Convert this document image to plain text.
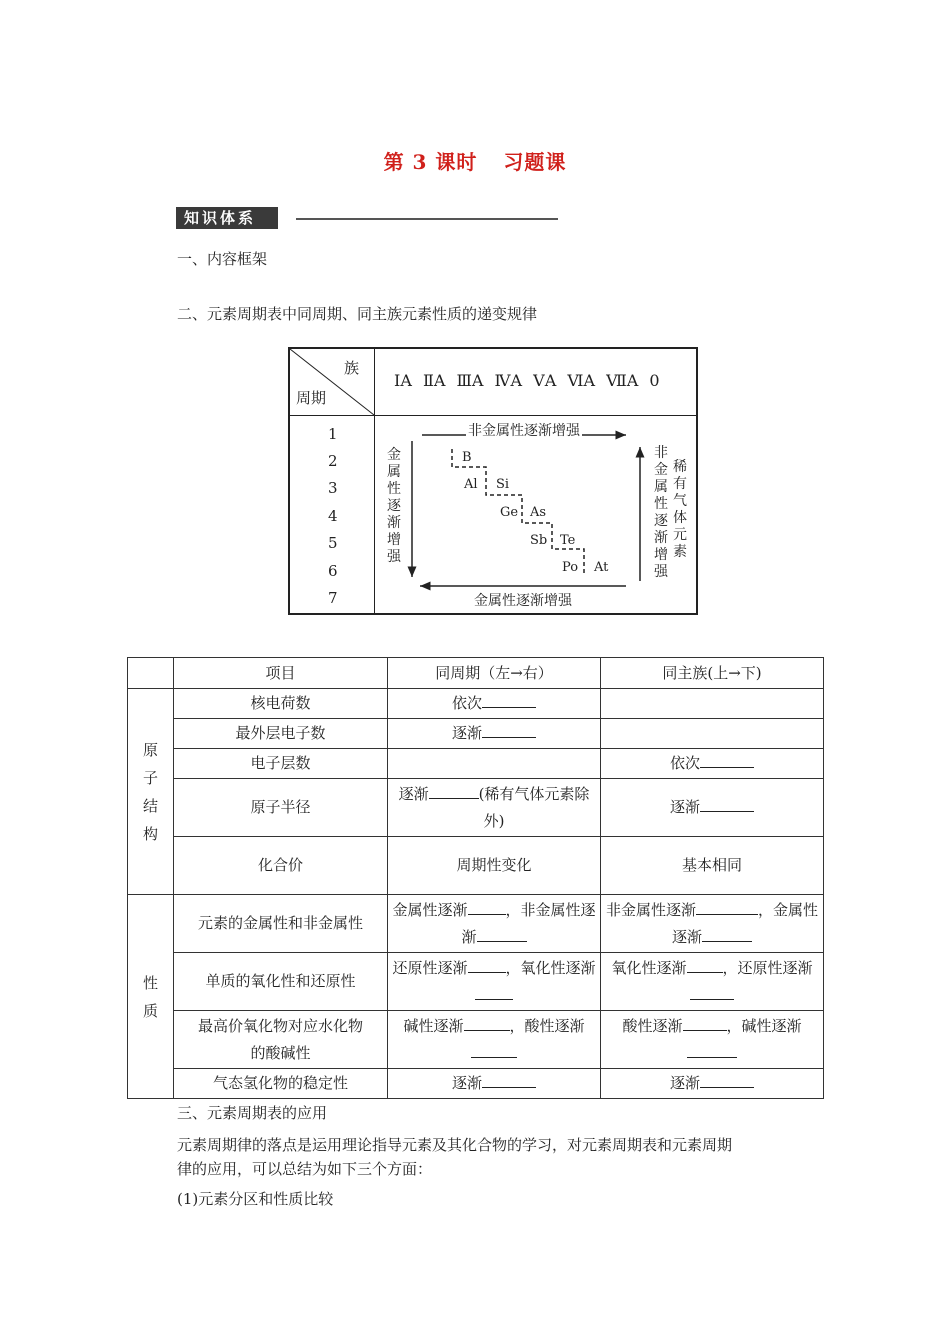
第 3 课时 习题课
知识体系
一、内容框架
二、元素周期表中同周期、同主族元素性质的递变规律
族
周期
ⅠA ⅡA ⅢA ⅣA ⅤA ⅥA ⅦA 0
1
2
3
4
5
6
7
非金属性逐渐增强
金属性逐渐增强
金属性逐渐增强
非金属性逐渐增强
稀有气体元素
B
Al Si
Ge As
Sb Te
Po At
	项目	同周期（左→右）	同主族(上→下)

原子结构	核电荷数	依次	
	最外层电子数	逐渐	
	电子层数		依次
	原子半径	逐渐 (稀有气体元素除外)	逐渐
	化合价	周期性变化	基本相同

性质	元素的金属性和非金属性	金属性逐渐 ，非金属性逐渐	非金属性逐渐 ，金属性逐渐
	单质的氧化性和还原性	还原性逐渐 ，氧化性逐渐	氧化性逐渐 ，还原性逐渐
	最高价氧化物对应水化物
的酸碱性	碱性逐渐 ，酸性逐渐	酸性逐渐 ，碱性逐渐
	气态氢化物的稳定性	逐渐	逐渐
三、元素周期表的应用
元素周期律的落点是运用理论指导元素及其化合物的学习，对元素周期表和元素周期
律的应用，可以总结为如下三个方面：
(1)元素分区和性质比较
